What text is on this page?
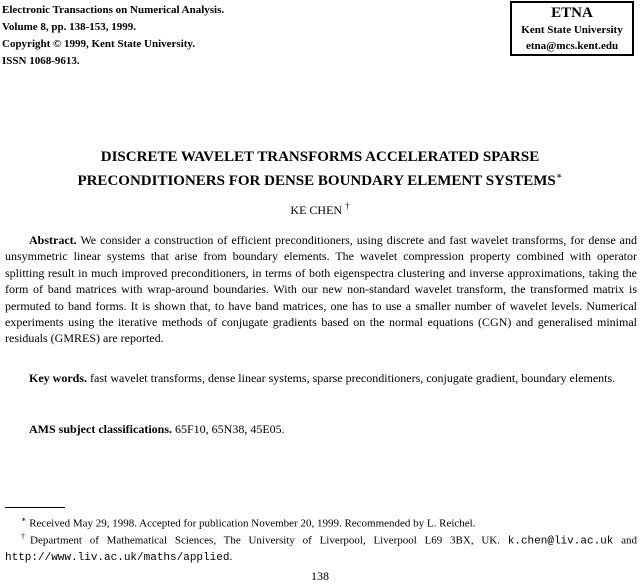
Electronic Transactions on Numerical Analysis.
Volume 8, pp. 138-153, 1999.
Copyright © 1999, Kent State University.
ISSN 1068-9613.
ETNA
Kent State University
etna@mcs.kent.edu
DISCRETE WAVELET TRANSFORMS ACCELERATED SPARSE
PRECONDITIONERS FOR DENSE BOUNDARY ELEMENT SYSTEMS∗
KE CHEN †

Abstract. We consider a construction of efficient preconditioners, using discrete and fast wavelet transforms, for dense and unsymmetric linear systems that arise from boundary elements. The wavelet compression property combined with operator splitting result in much improved preconditioners, in terms of both eigenspectra clustering and inverse approximations, taking the form of band matrices with wrap-around boundaries. With our new non-standard wavelet transform, the transformed matrix is permuted to band forms. It is shown that, to have band matrices, one has to use a smaller number of wavelet levels. Numerical experiments using the iterative methods of conjugate gradients based on the normal equations (CGN) and generalised minimal residuals (GMRES) are reported.

Key words. fast wavelet transforms, dense linear systems, sparse preconditioners, conjugate gradient, boundary elements.

AMS subject classifications. 65F10, 65N38, 45E05.

∗ Received May 29, 1998. Accepted for publication November 20, 1999. Recommended by L. Reichel.

†Department of Mathematical Sciences, The University of Liverpool, Liverpool L69 3BX, UK. k.chen@liv.ac.uk and http://www.liv.ac.uk/maths/applied.

138
